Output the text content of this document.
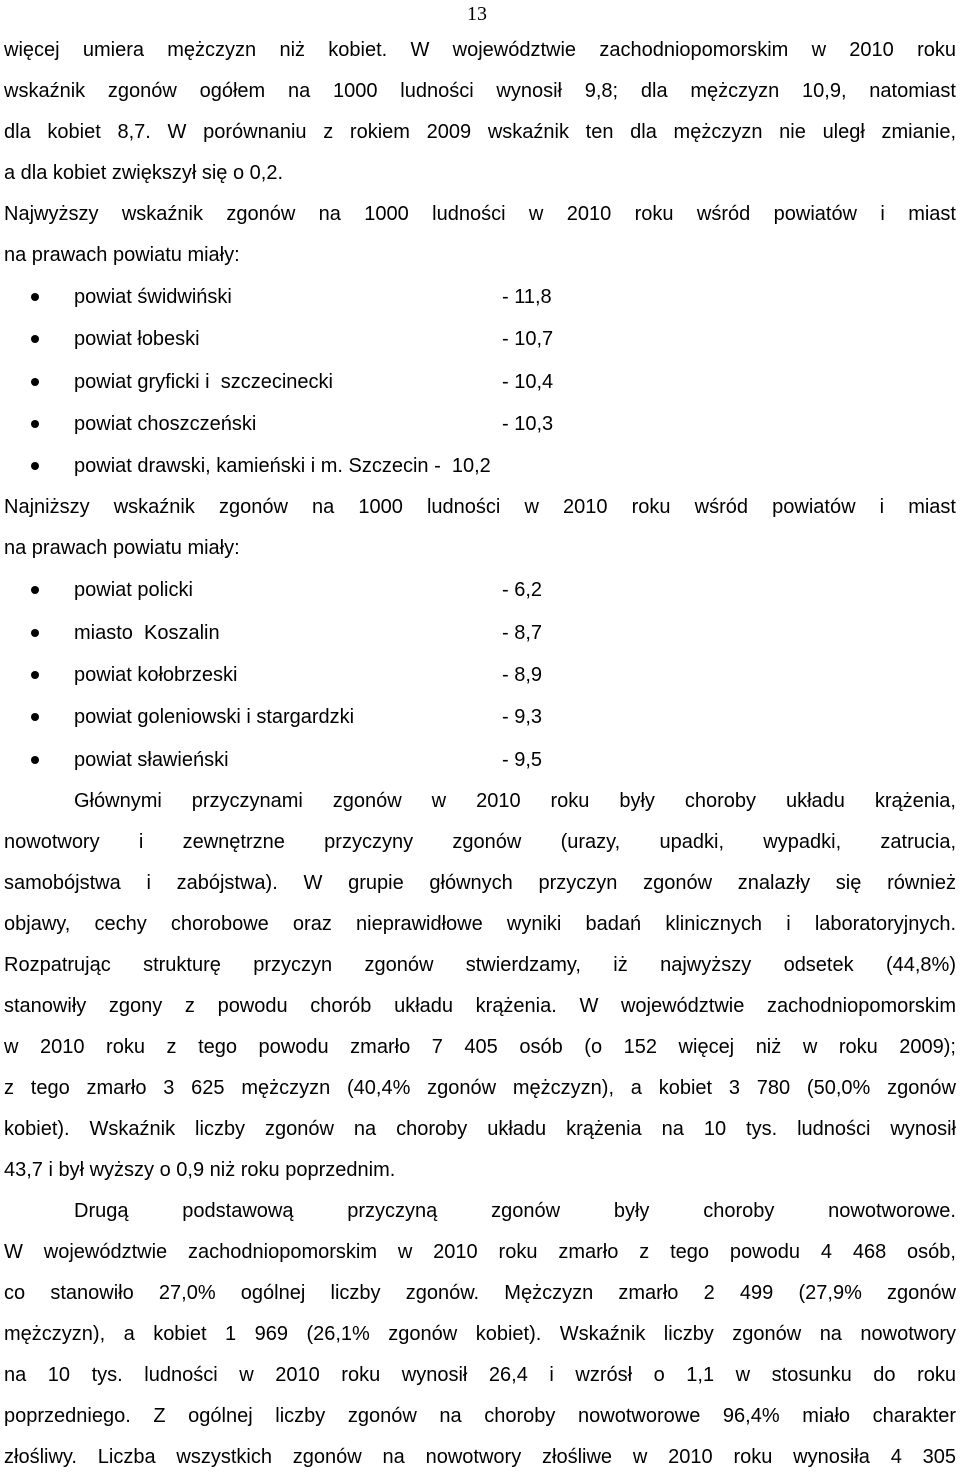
13
więcej umiera mężczyzn niż kobiet. W województwie zachodniopomorskim w 2010 roku
wskaźnik zgonów ogółem na 1000 ludności wynosił 9,8; dla mężczyzn 10,9, natomiast
dla kobiet 8,7. W porównaniu z rokiem 2009 wskaźnik ten dla mężczyzn nie uległ zmianie,
a dla kobiet zwiększył się o 0,2.
Najwyższy wskaźnik zgonów na 1000 ludności w 2010 roku wśród powiatów i miast
na prawach powiatu miały:
powiat świdwiński	- 11,8
powiat łobeski	- 10,7
powiat gryficki i  szczecinecki	- 10,4
powiat choszczeński	- 10,3
powiat drawski, kamieński i m. Szczecin -  10,2
Najniższy wskaźnik zgonów na 1000 ludności w 2010 roku wśród powiatów i miast
na prawach powiatu miały:
powiat policki	- 6,2
miasto  Koszalin	- 8,7
powiat kołobrzeski	- 8,9
powiat goleniowski i stargardzki	- 9,3
powiat sławieński	- 9,5
Głównymi przyczynami zgonów w 2010 roku były choroby układu krążenia,
nowotwory i zewnętrzne przyczyny zgonów (urazy, upadki, wypadki, zatrucia,
samobójstwa i zabójstwa). W grupie głównych przyczyn zgonów znalazły się również
objawy, cechy chorobowe oraz nieprawidłowe wyniki badań klinicznych i laboratoryjnych.
Rozpatrując strukturę przyczyn zgonów stwierdzamy, iż najwyższy odsetek (44,8%)
stanowiły zgony z powodu chorób układu krążenia. W województwie zachodniopomorskim
w 2010 roku z tego powodu zmarło 7 405 osób (o 152 więcej niż w roku 2009);
z tego zmarło 3 625 mężczyzn (40,4% zgonów mężczyzn), a kobiet 3 780 (50,0% zgonów
kobiet). Wskaźnik liczby zgonów na choroby układu krążenia na 10 tys. ludności wynosił
43,7 i był wyższy o 0,9 niż roku poprzednim.
Drugą podstawową przyczyną zgonów były choroby nowotworowe.
W województwie zachodniopomorskim w 2010 roku zmarło z tego powodu 4 468 osób,
co stanowiło 27,0% ogólnej liczby zgonów. Mężczyzn zmarło 2 499 (27,9% zgonów
mężczyzn), a kobiet 1 969 (26,1% zgonów kobiet). Wskaźnik liczby zgonów na nowotwory
na 10 tys. ludności w 2010 roku wynosił 26,4 i wzrósł o 1,1 w stosunku do roku
poprzedniego. Z ogólnej liczby zgonów na choroby nowotworowe 96,4% miało charakter
złośliwy. Liczba wszystkich zgonów na nowotwory złośliwe w 2010 roku wynosiła 4 305
